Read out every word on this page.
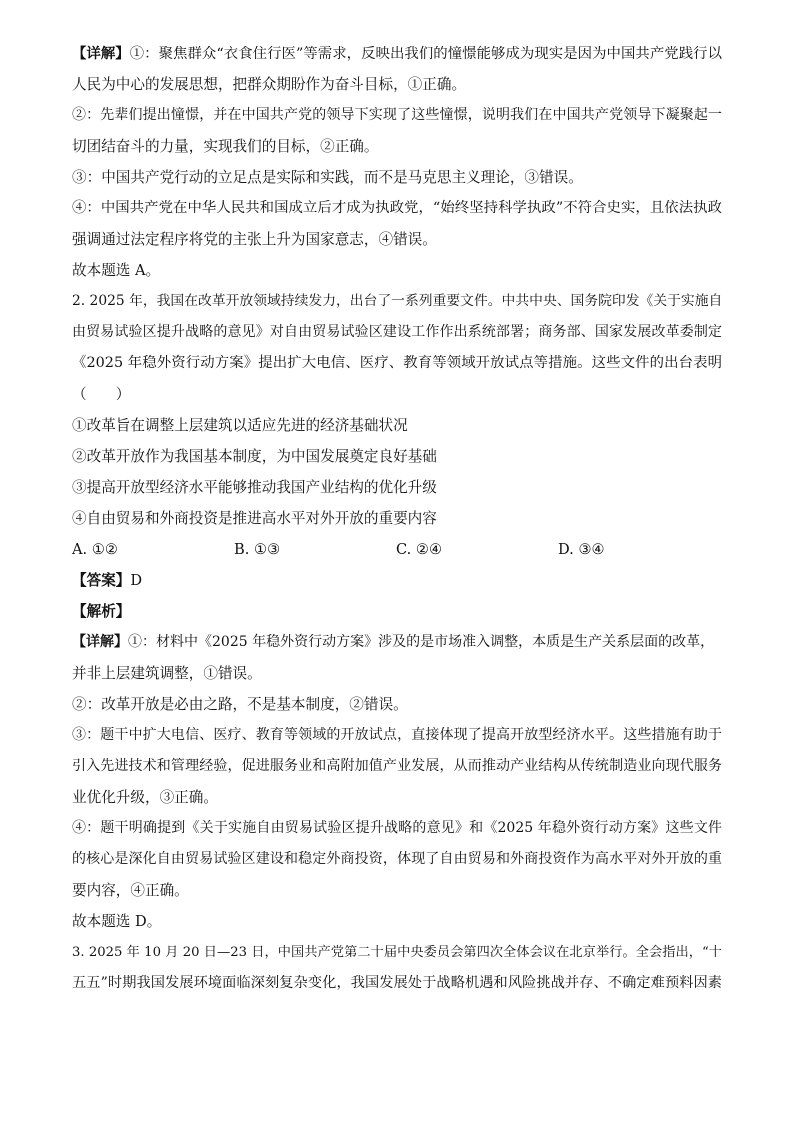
【详解】①：聚焦群众“衣食住行医”等需求，反映出我们的憧憬能够成为现实是因为中国共产党践行以
人民为中心的发展思想，把群众期盼作为奋斗目标，①正确。
②：先辈们提出憧憬，并在中国共产党的领导下实现了这些憧憬，说明我们在中国共产党领导下凝聚起一
切团结奋斗的力量，实现我们的目标，②正确。
③：中国共产党行动的立足点是实际和实践，而不是马克思主义理论，③错误。
④：中国共产党在中华人民共和国成立后才成为执政党，“始终坚持科学执政”不符合史实，且依法执政
强调通过法定程序将党的主张上升为国家意志，④错误。
故本题选 A。
2. 2025 年，我国在改革开放领域持续发力，出台了一系列重要文件。中共中央、国务院印发《关于实施自
由贸易试验区提升战略的意见》对自由贸易试验区建设工作作出系统部署；商务部、国家发展改革委制定
《2025 年稳外资行动方案》提出扩大电信、医疗、教育等领域开放试点等措施。这些文件的出台表明
（　　）
①改革旨在调整上层建筑以适应先进的经济基础状况
②改革开放作为我国基本制度，为中国发展奠定良好基础
③提高开放型经济水平能够推动我国产业结构的优化升级
④自由贸易和外商投资是推进高水平对外开放的重要内容
A. ①②	B. ①③	C. ②④	D. ③④
【答案】D
【解析】
【详解】①：材料中《2025 年稳外资行动方案》涉及的是市场准入调整，本质是生产关系层面的改革，
并非上层建筑调整，①错误。
②：改革开放是必由之路，不是基本制度，②错误。
③：题干中扩大电信、医疗、教育等领域的开放试点，直接体现了提高开放型经济水平。这些措施有助于
引入先进技术和管理经验，促进服务业和高附加值产业发展，从而推动产业结构从传统制造业向现代服务
业优化升级，③正确。
④：题干明确提到《关于实施自由贸易试验区提升战略的意见》和《2025 年稳外资行动方案》这些文件
的核心是深化自由贸易试验区建设和稳定外商投资，体现了自由贸易和外商投资作为高水平对外开放的重
要内容，④正确。
故本题选 D。
3. 2025 年 10 月 20 日—23 日，中国共产党第二十届中央委员会第四次全体会议在北京举行。全会指出，“十
五五”时期我国发展环境面临深刻复杂变化，我国发展处于战略机遇和风险挑战并存、不确定难预料因素
